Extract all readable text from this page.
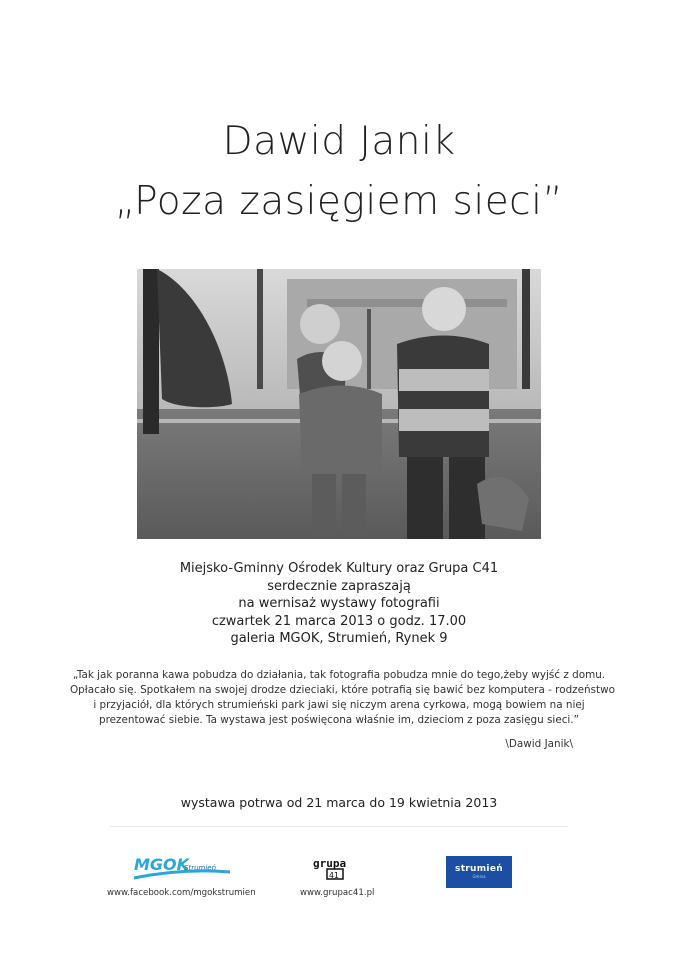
Dawid Janik
„Poza zasięgiem sieci”
Miejsko-Gminny Ośrodek Kultury oraz Grupa C41
serdecznie zapraszają
na wernisaż wystawy fotografii
czwartek 21 marca 2013 o godz. 17.00
galeria MGOK, Strumień, Rynek 9
„Tak jak poranna kawa pobudza do działania, tak fotografia pobudza mnie do tego,żeby wyjść z domu.
Opłacało się. Spotkałem na swojej drodze dzieciaki, które potrafią się bawić bez komputera - rodzeństwo
i przyjaciół, dla których strumieński park jawi się niczym arena cyrkowa, mogą bowiem na niej
prezentować siebie. Ta wystawa jest poświęcona właśnie im, dzieciom z poza zasięgu sieci.”
\Dawid Janik\
wystawa potrwa od 21 marca do 19 kwietnia 2013
MGOK
Strumień	grupa
41
strumień
Gmina
www.facebook.com/mgokstrumien	www.grupac41.pl
